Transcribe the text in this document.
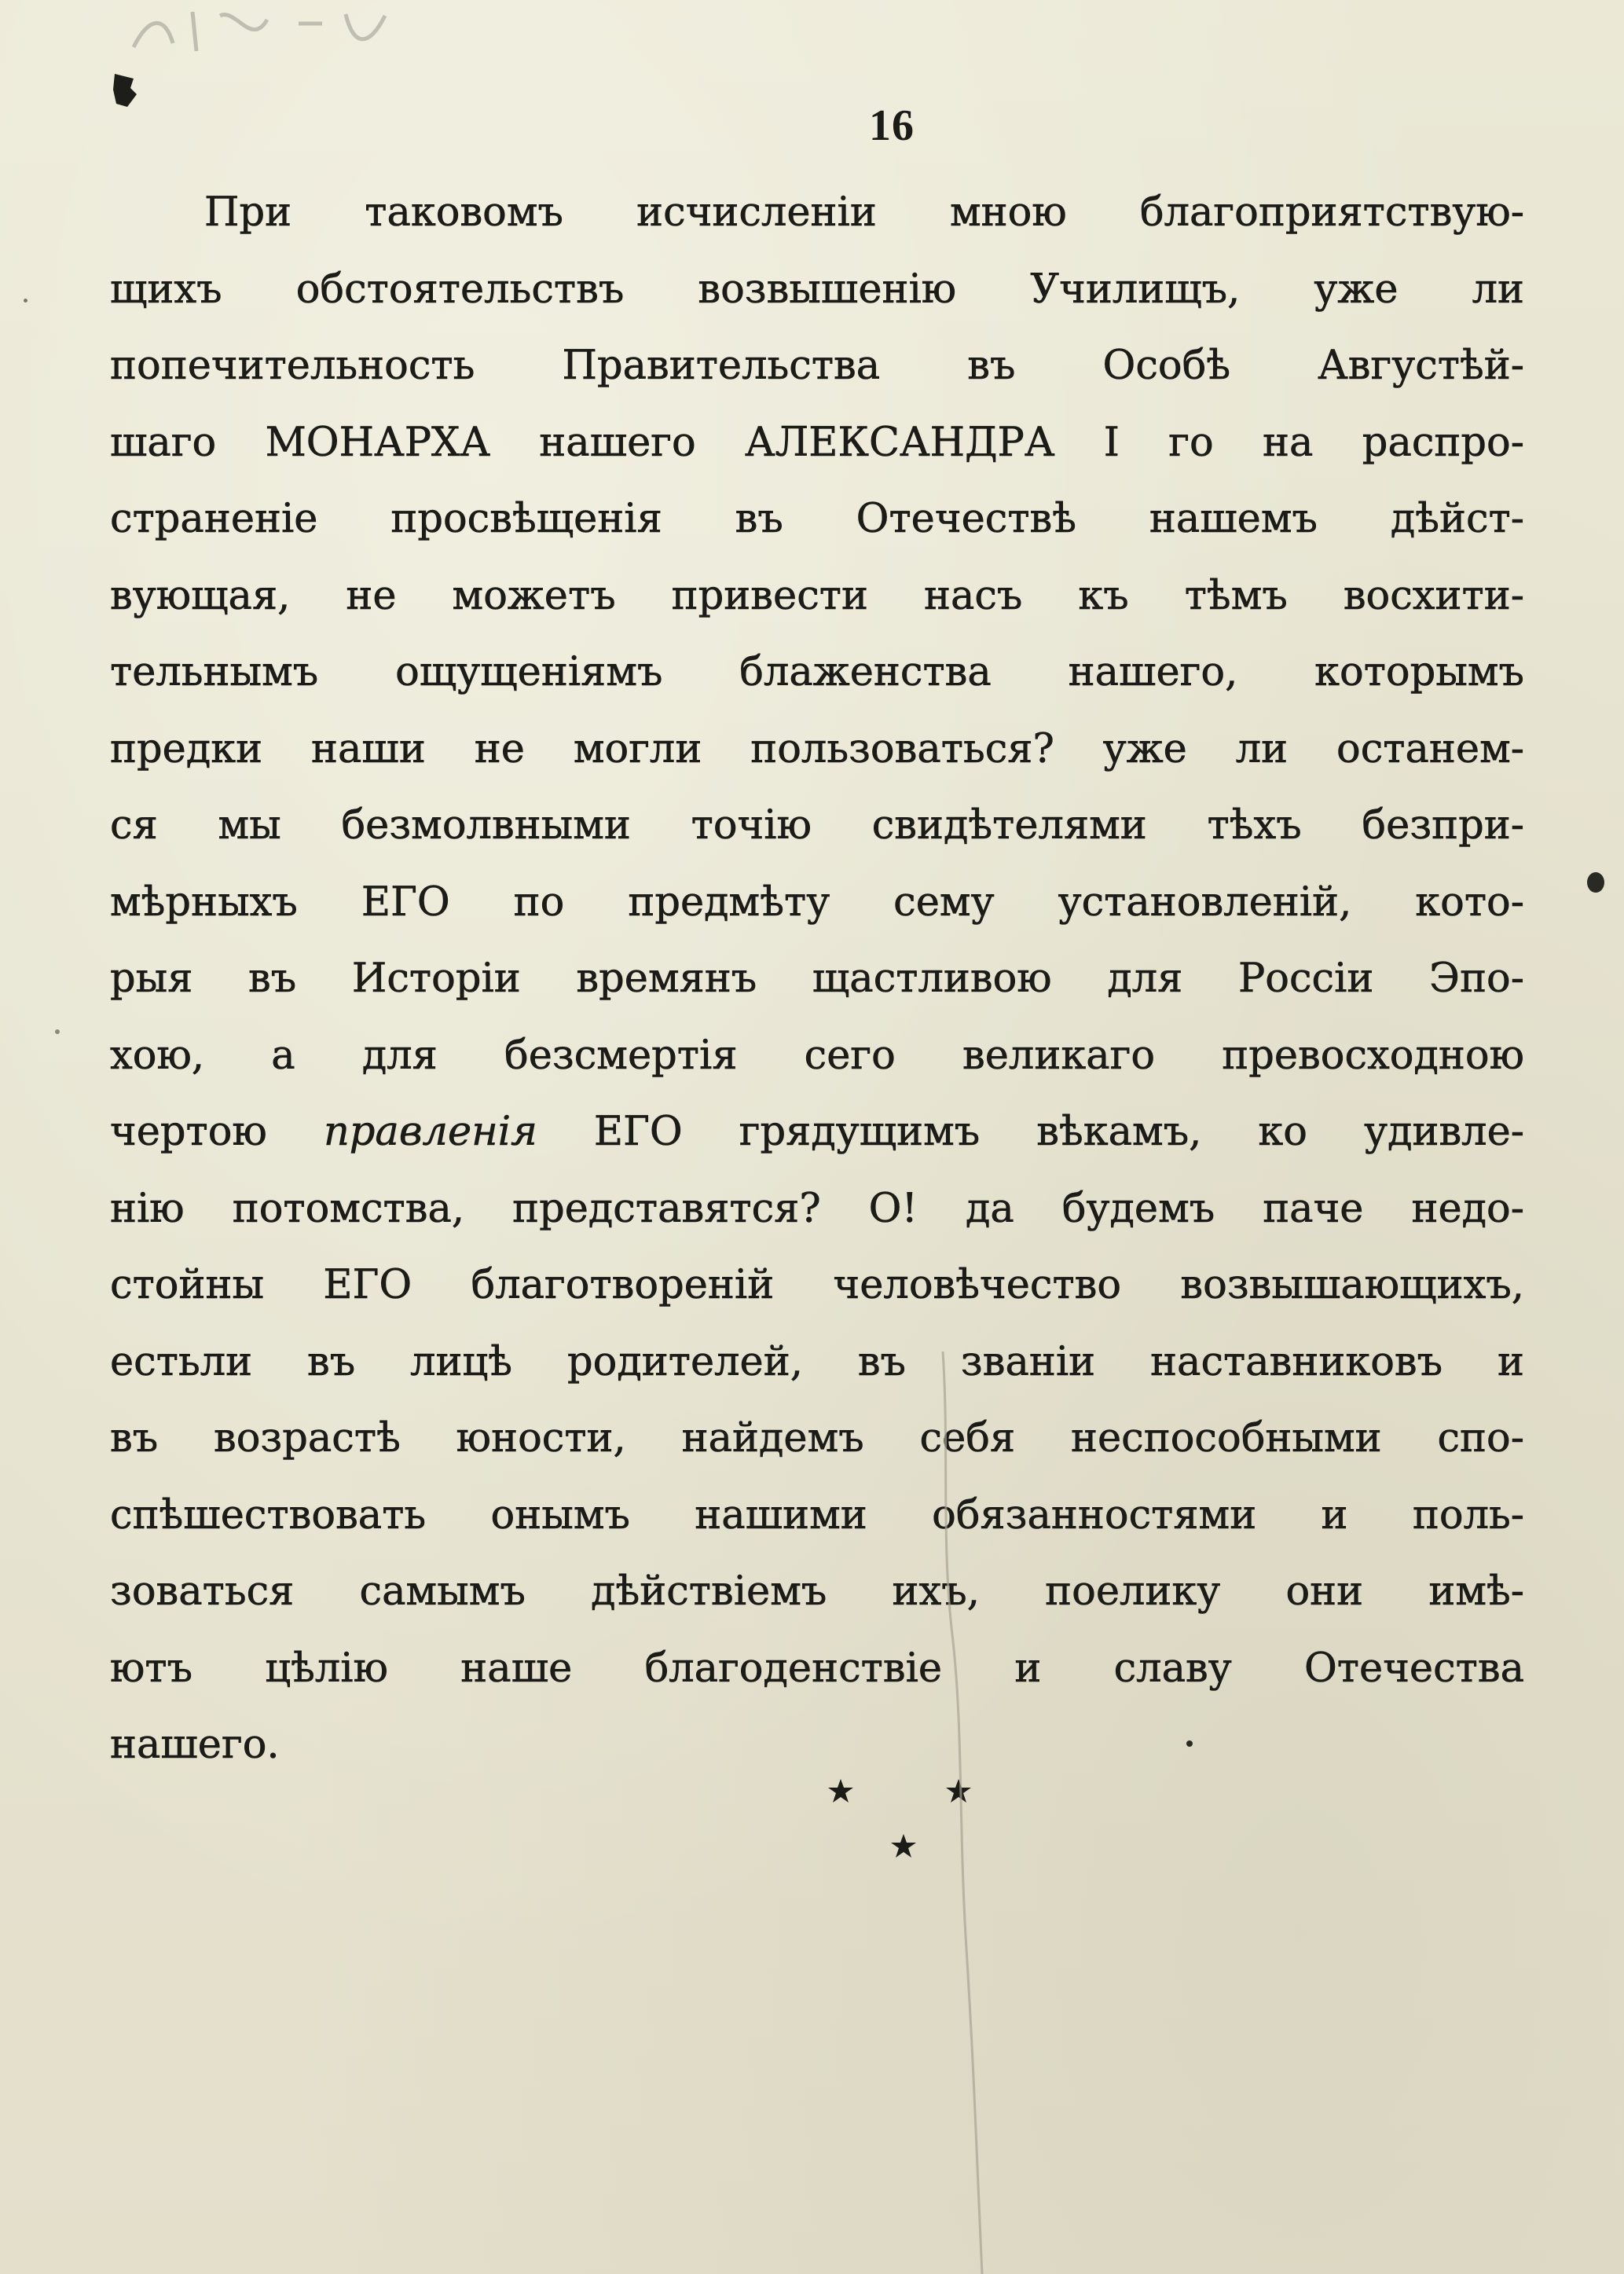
16
При таковомъ исчисленiи мною благоприятствую-
щихъ обстоятельствъ возвышенiю Училищъ, уже ли
попечительность Правительства въ Особѣ Августѣй-
шаго МОНАРХА нашего АЛЕКСАНДРА I го на распро-
страненiе просвѣщенiя въ Отечествѣ нашемъ дѣйст-
вующая, не можетъ привести насъ къ тѣмъ восхити-
тельнымъ ощущенiямъ блаженства нашего, которымъ
предки наши не могли пользоваться? уже ли останем-
ся мы безмолвными точiю свидѣтелями тѣхъ безпри-
мѣрныхъ ЕГО по предмѣту сему установленiй, кото-
рыя въ Исторiи времянъ щастливою для Россiи Эпо-
хою, а для безсмертiя сего великаго превосходною
чертою правленiя ЕГО грядущимъ вѣкамъ, ко удивле-
нiю потомства, представятся? О! да будемъ паче недо-
стойны ЕГО благотворенiй человѣчество возвышающихъ,
естьли въ лицѣ родителей, въ званiи наставниковъ и
въ возрастѣ юности, найдемъ себя неспособными спо-
спѣшествовать онымъ нашими обязанностями и поль-
зоваться самымъ дѣйствiемъ ихъ, поелику они имѣ-
ютъ цѣлiю наше благоденствiе и славу Отечества
нашего.
